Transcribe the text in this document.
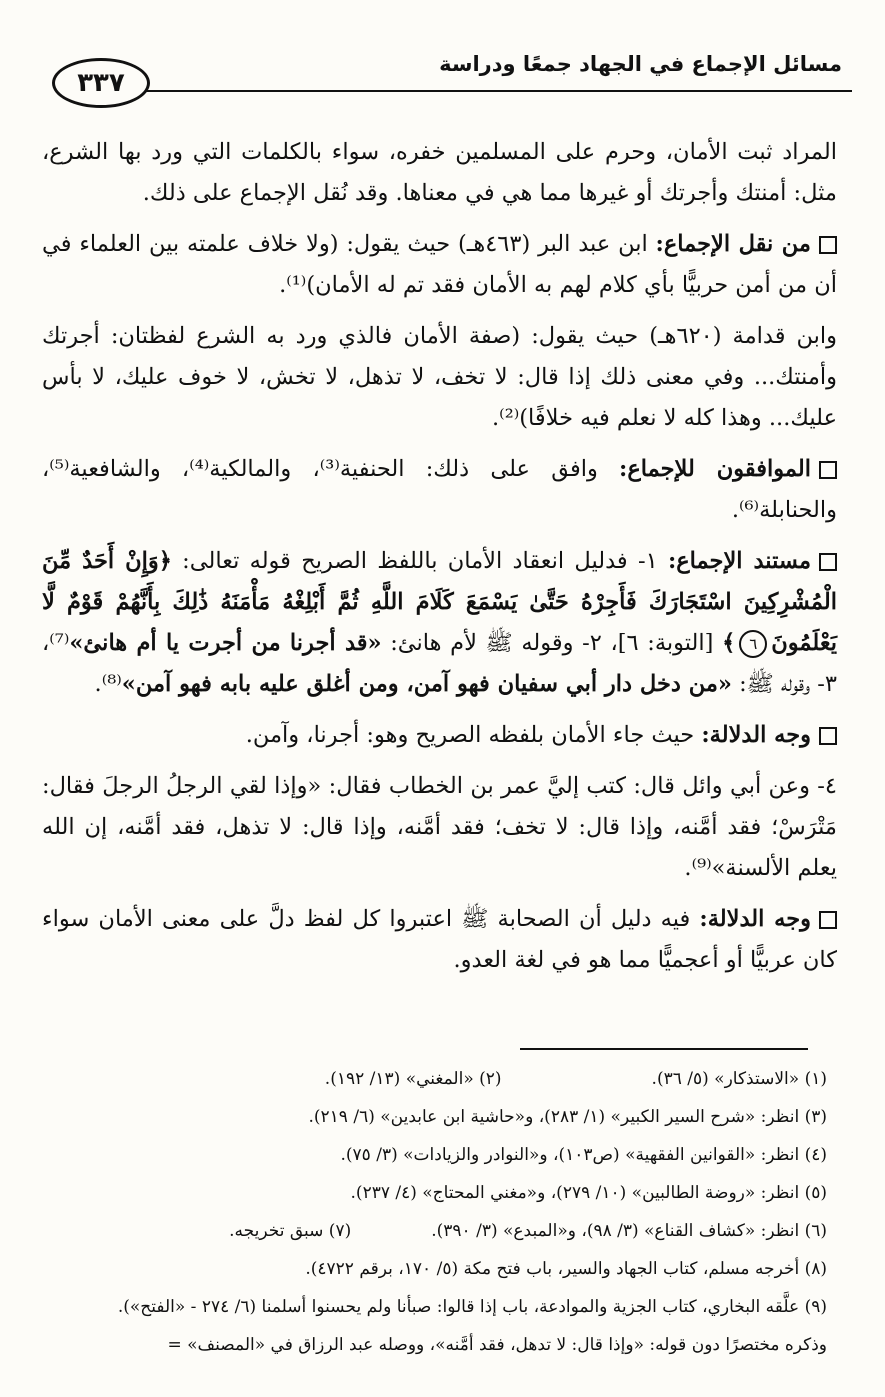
٣٣٧
مسائل الإجماع في الجهاد جمعًا ودراسة

المراد ثبت الأمان، وحرم على المسلمين خفره، سواء بالكلمات التي ورد بها الشرع، مثل: أمنتك وأجرتك أو غيرها مما هي في معناها. وقد نُقل الإجماع على ذلك.

من نقل الإجماع: ابن عبد البر (٤٦٣هـ) حيث يقول: (ولا خلاف علمته بين العلماء في أن من أمن حربيًّا بأي كلام لهم به الأمان فقد تم له الأمان)⁽¹⁾.

وابن قدامة (٦٢٠هـ) حيث يقول: (صفة الأمان فالذي ورد به الشرع لفظتان: أجرتك وأمنتك... وفي معنى ذلك إذا قال: لا تخف، لا تذهل، لا تخش، لا خوف عليك، لا بأس عليك... وهذا كله لا نعلم فيه خلافًا)⁽²⁾.

الموافقون للإجماع: وافق على ذلك: الحنفية⁽³⁾، والمالكية⁽⁴⁾، والشافعية⁽⁵⁾، والحنابلة⁽⁶⁾.

مستند الإجماع: ١- فدليل انعقاد الأمان باللفظ الصريح قوله تعالى: ﴿وَإِنْ أَحَدٌ مِّنَ الْمُشْرِكِينَ اسْتَجَارَكَ فَأَجِرْهُ حَتَّىٰ يَسْمَعَ كَلَامَ اللَّهِ ثُمَّ أَبْلِغْهُ مَأْمَنَهُ ذَٰلِكَ بِأَنَّهُمْ قَوْمٌ لَّا يَعْلَمُونَ٦﴾ [التوبة: ٦]، ٢- وقوله ﷺ لأم هانئ: «قد أجرنا من أجرت يا أم هانئ»⁽⁷⁾، ٣- وقوله ﷺ: «من دخل دار أبي سفيان فهو آمن، ومن أغلق عليه بابه فهو آمن»⁽⁸⁾.

وجه الدلالة: حيث جاء الأمان بلفظه الصريح وهو: أجرنا، وآمن.

٤- وعن أبي وائل قال: كتب إليَّ عمر بن الخطاب فقال: «وإذا لقي الرجلُ الرجلَ فقال: مَتْرَسْ؛ فقد أمَّنه، وإذا قال: لا تخف؛ فقد أمَّنه، وإذا قال: لا تذهل، فقد أمَّنه، إن الله يعلم الألسنة»⁽⁹⁾.

وجه الدلالة: فيه دليل أن الصحابة ﷺ اعتبروا كل لفظ دلَّ على معنى الأمان سواء كان عربيًّا أو أعجميًّا مما هو في لغة العدو.

(١) «الاستذكار» (٥/ ٣٦).

(٢) «المغني» (١٣/ ١٩٢).

(٣) انظر: «شرح السير الكبير» (١/ ٢٨٣)، و«حاشية ابن عابدين» (٦/ ٢١٩).

(٤) انظر: «القوانين الفقهية» (ص١٠٣)، و«النوادر والزيادات» (٣/ ٧٥).

(٥) انظر: «روضة الطالبين» (١٠/ ٢٧٩)، و«مغني المحتاج» (٤/ ٢٣٧).

(٦) انظر: «كشاف القناع» (٣/ ٩٨)، و«المبدع» (٣/ ٣٩٠).

(٧) سبق تخريجه.

(٨) أخرجه مسلم، كتاب الجهاد والسير، باب فتح مكة (٥/ ١٧٠، برقم ٤٧٢٢).

(٩) علَّقه البخاري، كتاب الجزية والموادعة، باب إذا قالوا: صبأنا ولم يحسنوا أسلمنا (٦/ ٢٧٤ - «الفتح»).

وذكره مختصرًا دون قوله: «وإذا قال: لا تدهل، فقد أمَّنه»، ووصله عبد الرزاق في «المصنف» =
